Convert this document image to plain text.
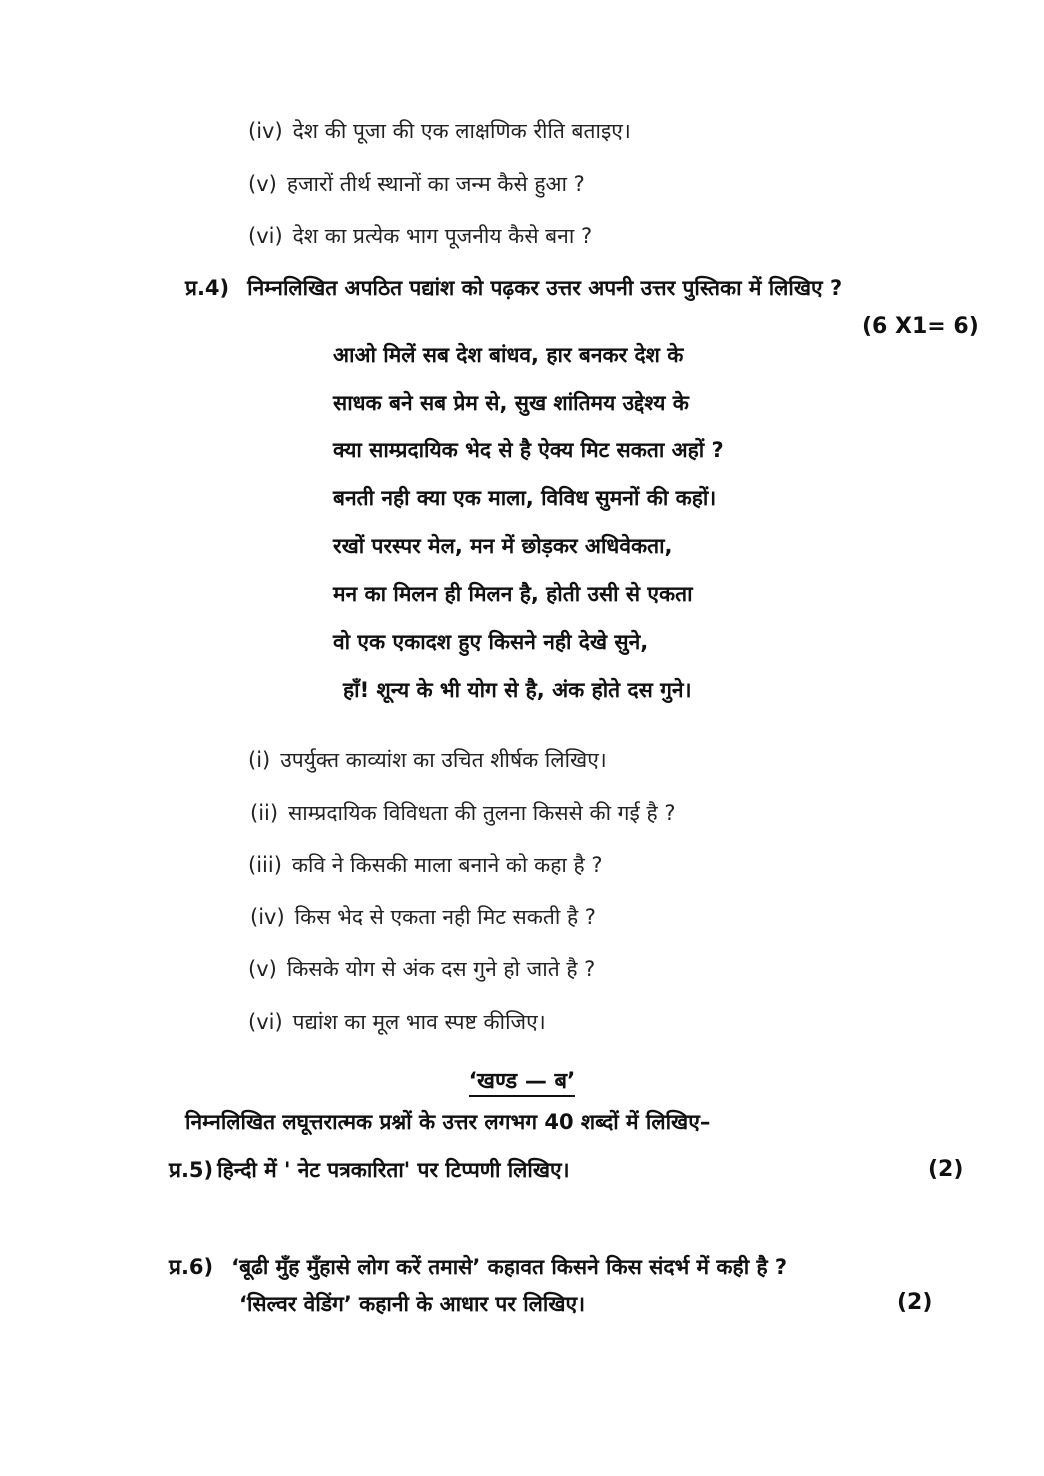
(iv) देश की पूजा की एक लाक्षणिक रीति बताइए।
(v) हजारों तीर्थ स्थानों का जन्म कैसे हुआ ?
(vi) देश का प्रत्येक भाग पूजनीय कैसे बना ?
प्र.4) निम्नलिखित अपठित पद्यांश को पढ़कर उत्तर अपनी उत्तर पुस्तिका में लिखिए ?
(6 X1= 6)
आओ मिलें सब देश बांधव, हार बनकर देश के
साधक बने सब प्रेम से, सुख शांतिमय उद्देश्य के
क्या साम्प्रदायिक भेद से है ऐक्य मिट सकता अहों ?
बनती नही क्या एक माला, विविध सुमनों की कहों।
रखों परस्पर मेल, मन में छोड़कर अधिवेकता,
मन का मिलन ही मिलन है, होती उसी से एकता
वो एक एकादश हुए किसने नही देखे सुने,
हाँ! शून्य के भी योग से है, अंक होते दस गुने।
(i) उपर्युक्त काव्यांश का उचित शीर्षक लिखिए।
(ii) साम्प्रदायिक विविधता की तुलना किससे की गई है ?
(iii) कवि ने किसकी माला बनाने को कहा है ?
(iv) किस भेद से एकता नही मिट सकती है ?
(v) किसके योग से अंक दस गुने हो जाते है ?
(vi) पद्यांश का मूल भाव स्पष्ट कीजिए।
‘खण्ड — ब’
निम्नलिखित लघूत्तरात्मक प्रश्नों के उत्तर लगभग 40 शब्दों में लिखिए–
प्र.5) हिन्दी में ' नेट पत्रकारिता' पर टिप्पणी लिखिए।	(2)
प्र.6) ‘बूढी मुँह मुँहासे लोग करें तमासे’ कहावत किसने किस संदर्भ में कही है ?
‘सिल्वर वेडिंग’ कहानी के आधार पर लिखिए।	(2)
